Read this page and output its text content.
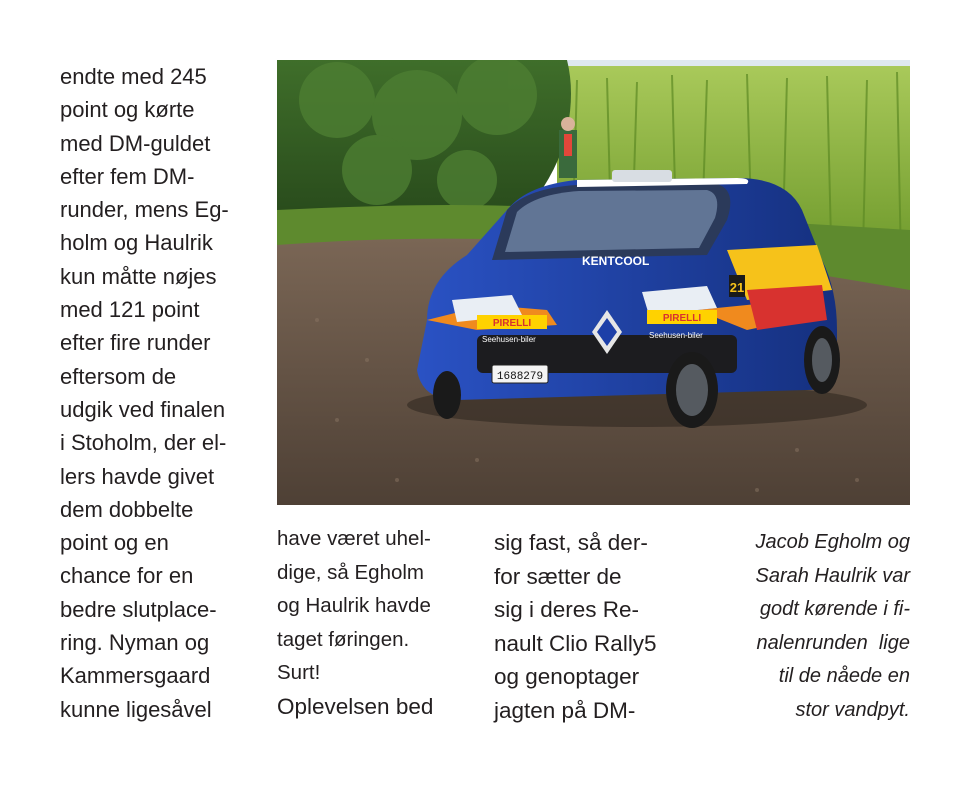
endte med 245
point og kørte
med DM-guldet
efter fem DM-
runder, mens Eg-
holm og Haulrik
kun måtte nøjes
med 121 point
efter fire runder
eftersom de
udgik ved finalen
i Stoholm, der el-
lers havde givet
dem dobbelte
point og en
chance for en
bedre slutplace-
ring. Nyman og
Kammersgaard
kunne ligesåvel
PIRELLI	PIRELLI
Seehusen-biler	Seehusen-biler
KENTCOOL
1688279
21
have været uhel-
dige, så Egholm
og Haulrik havde
taget føringen.
Surt!
Oplevelsen bed
sig fast, så der-
for sætter de
sig i deres Re-
nault Clio Rally5
og genoptager
jagten på DM-
Jacob Egholm og
Sarah Haulrik var
godt kørende i fi-
nalenrunden  lige
til de nåede en
stor vandpyt.
